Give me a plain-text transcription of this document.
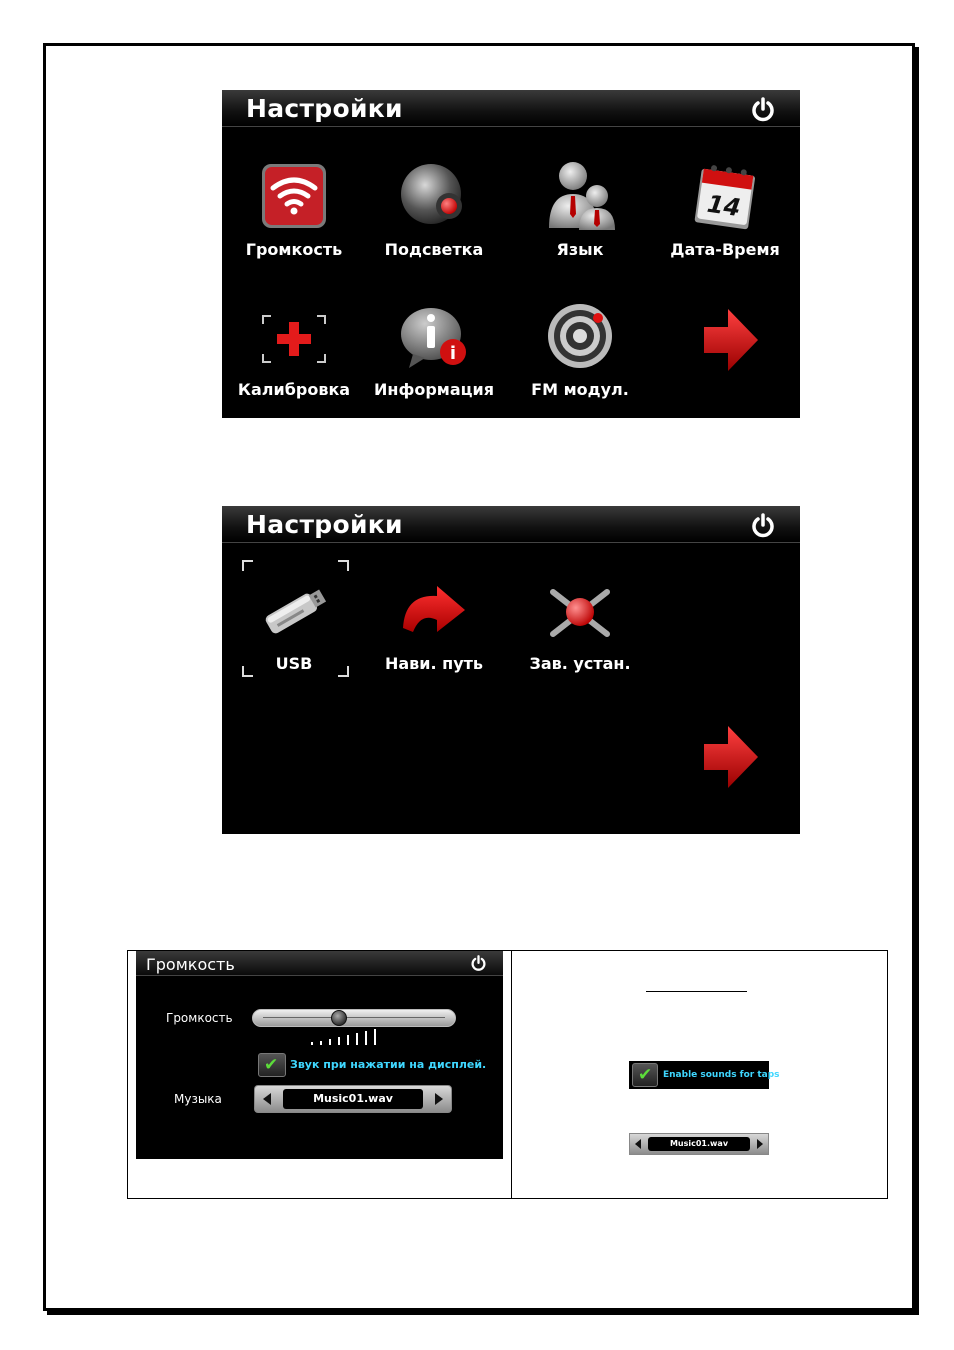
Настройки
Громкость	Подсветка	Язык
14
Дата-Время
Калибровка
i
Информация	FM модул.
Настройки
USB	Нави. путь	Зав. устан.
Громкость
Громкость
✔ Звук при нажатии на дисплей.
Музыка	Music01.wav
✔ Enable sounds for taps
Music01.wav
